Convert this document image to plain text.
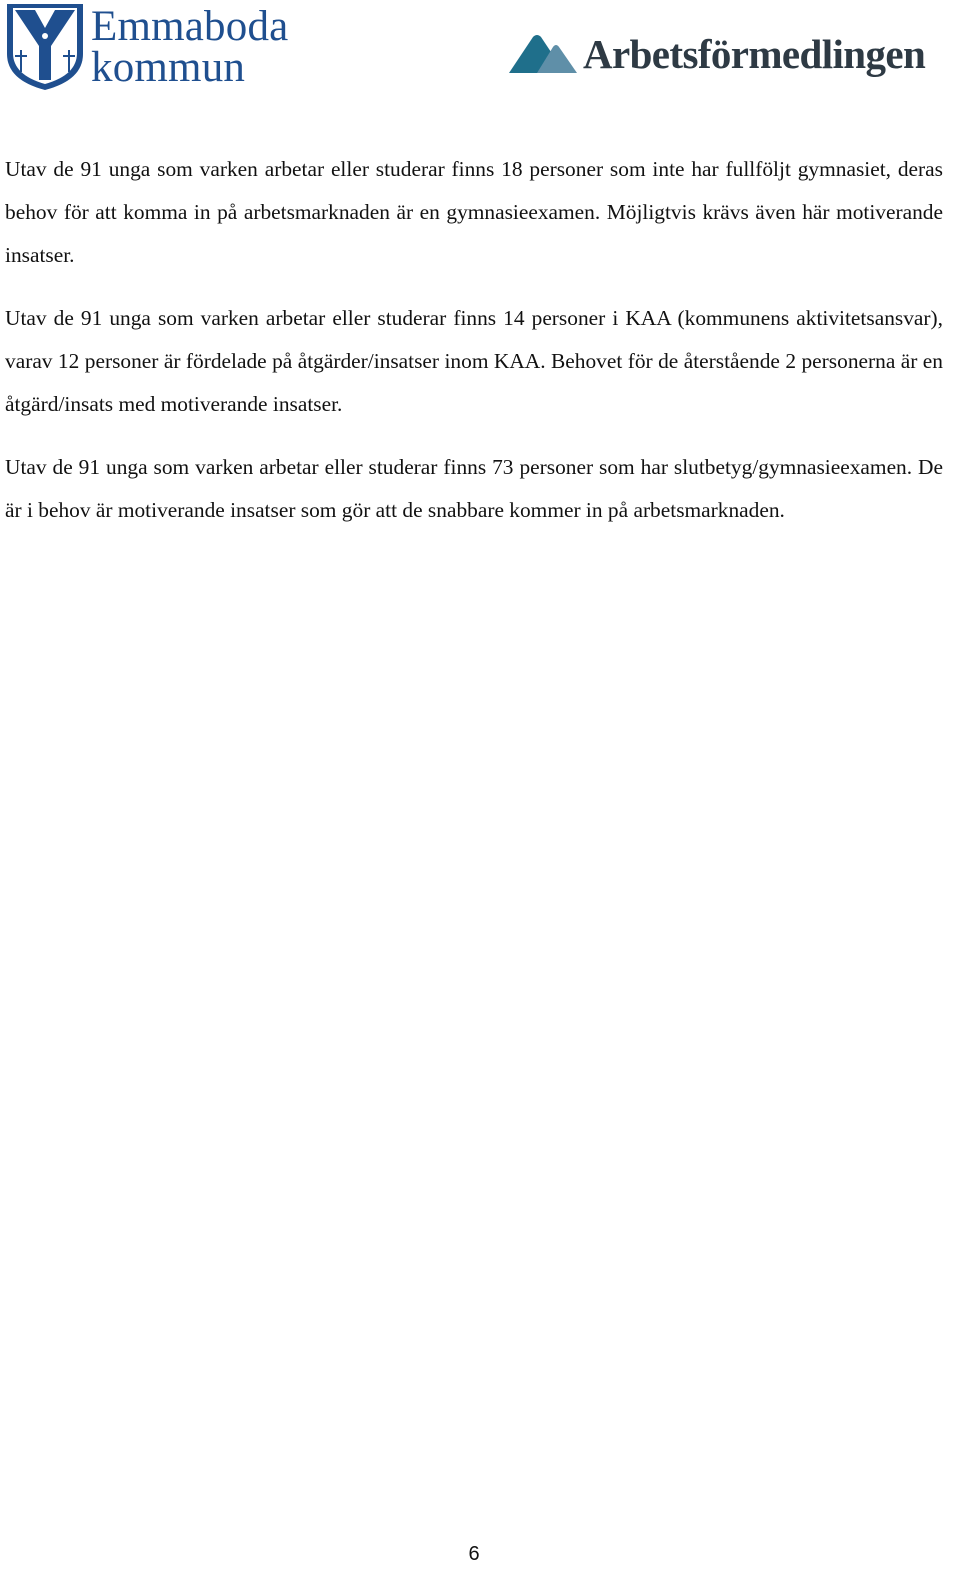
Emmaboda
kommun	Arbetsförmedlingen

Utav de 91 unga som varken arbetar eller studerar finns 18 personer som inte har fullföljt gymnasiet, deras behov för att komma in på arbetsmarknaden är en gymnasieexamen. Möjligtvis krävs även här motiverande insatser.

Utav de 91 unga som varken arbetar eller studerar finns 14 personer i KAA (kommunens aktivitetsansvar), varav 12 personer är fördelade på åtgärder/insatser inom KAA. Behovet för de återstående 2 personerna är en åtgärd/insats med motiverande insatser.

Utav de 91 unga som varken arbetar eller studerar finns 73 personer som har slutbetyg/gymnasieexamen. De är i behov är motiverande insatser som gör att de snabbare kommer in på arbetsmarknaden.

6
